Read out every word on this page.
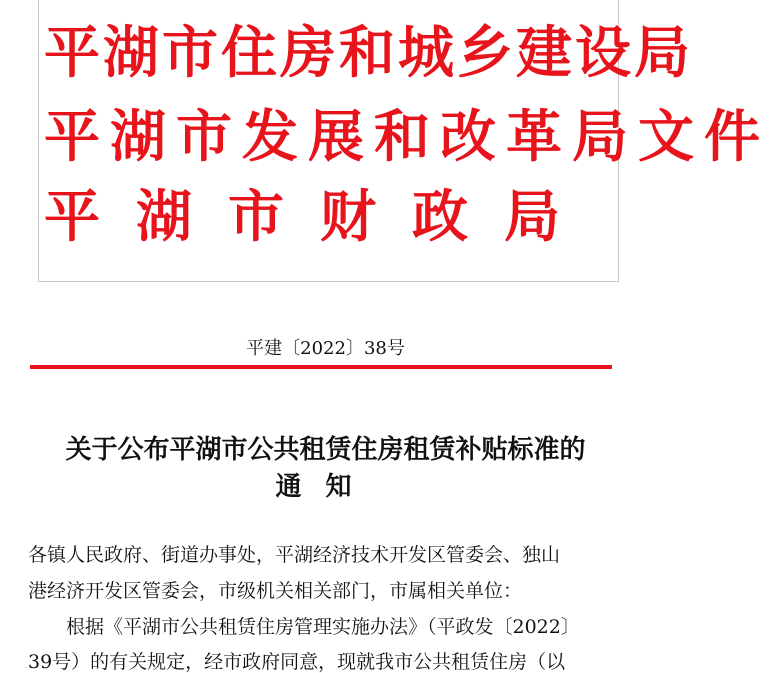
平湖市住房和城乡建设局
平湖市发展和改革局文件
平湖市财政局
平建〔2022〕38号
关于公布平湖市公共租赁住房租赁补贴标准的
通知
各镇人民政府、街道办事处，平湖经济技术开发区管委会、独山
港经济开发区管委会，市级机关相关部门，市属相关单位：
根据《平湖市公共租赁住房管理实施办法》（平政发〔2022〕
39号）的有关规定，经市政府同意，现就我市公共租赁住房（以
